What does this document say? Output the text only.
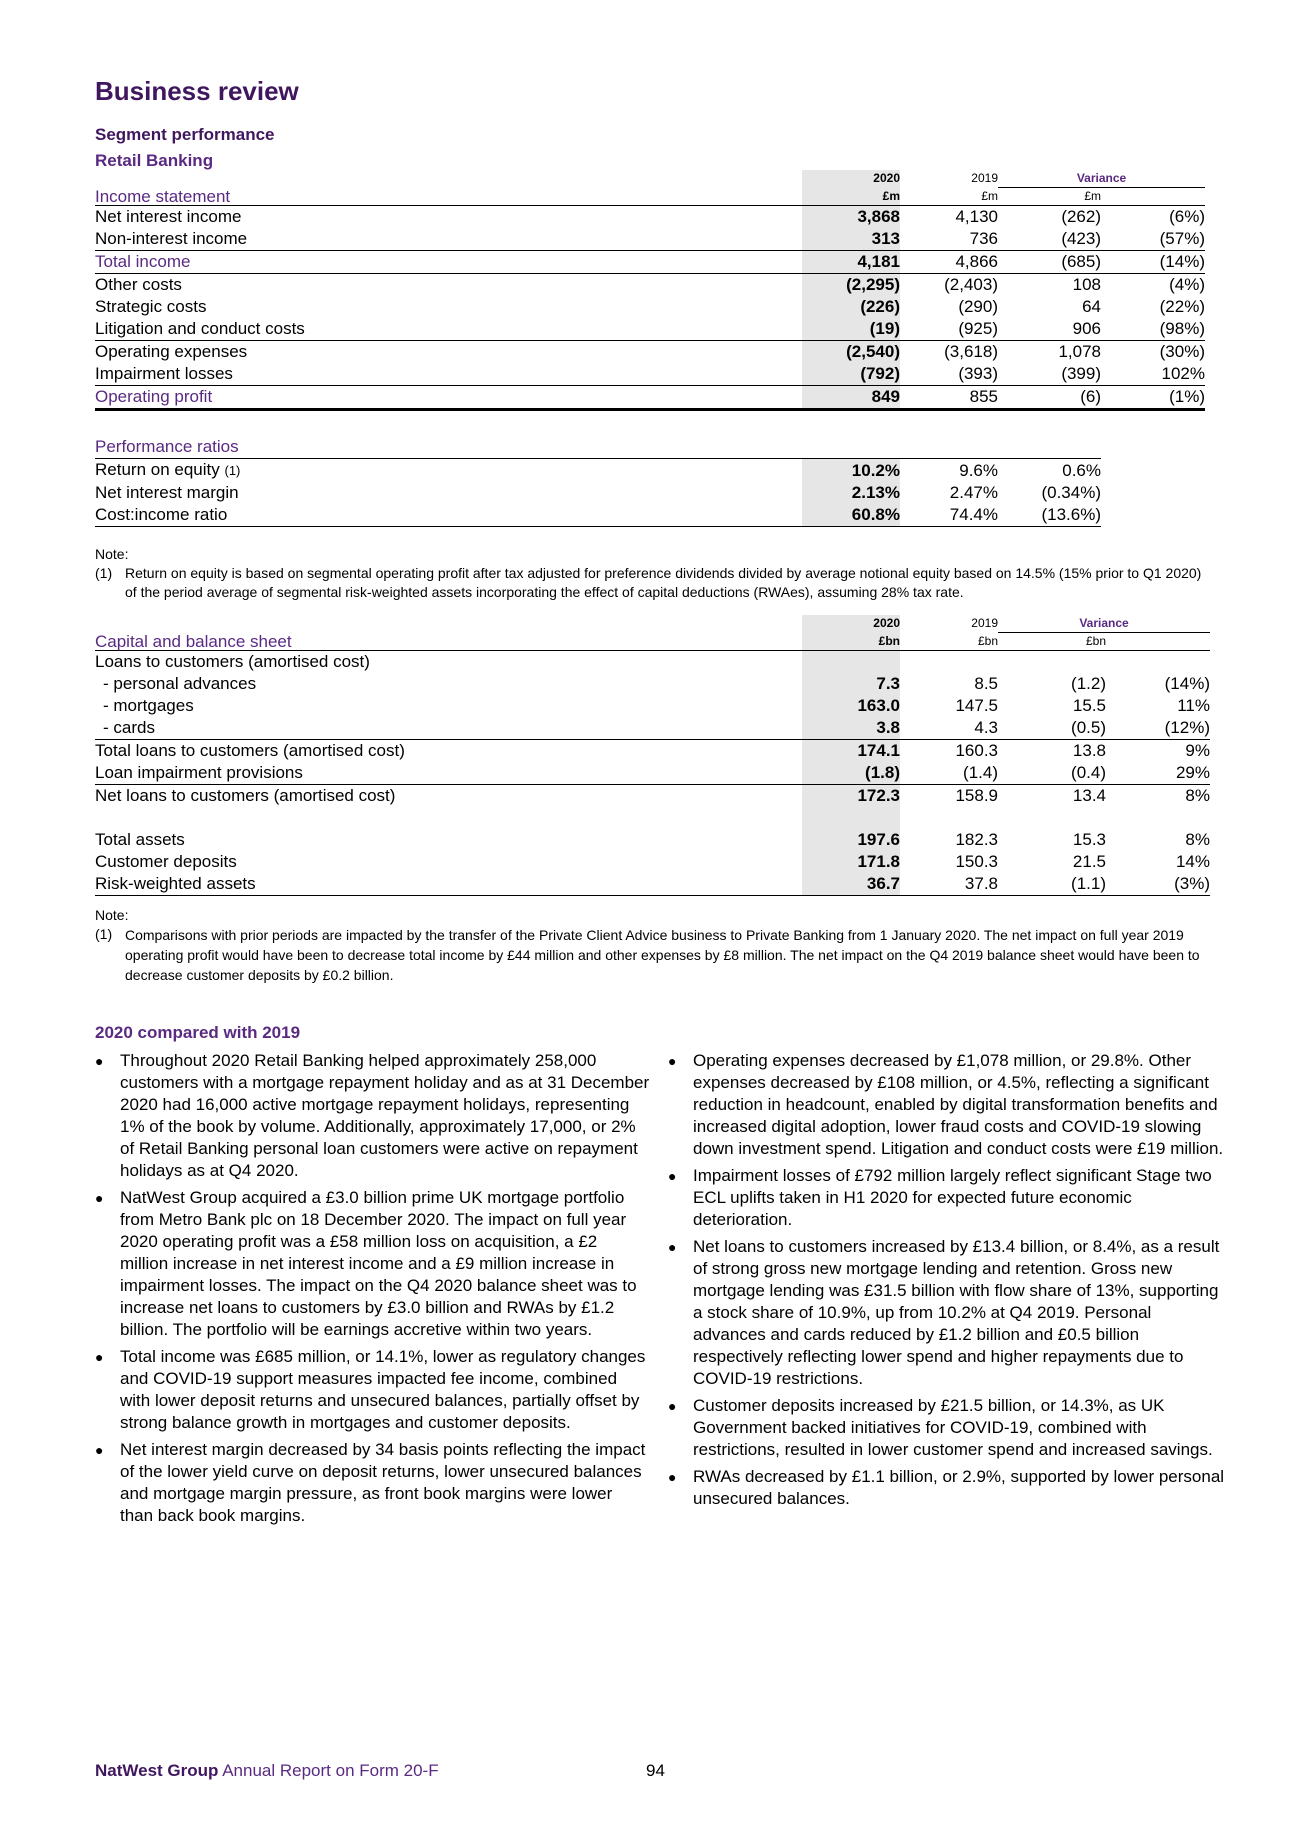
Business review
Segment performance
Retail Banking
	2020	2019	Variance	
Income statement	£m	£m	£m	
Net interest income	3,868	4,130	(262)	(6%)
Non-interest income	313	736	(423)	(57%)
Total income	4,181	4,866	(685)	(14%)
Other costs	(2,295)	(2,403)	108	(4%)
Strategic costs	(226)	(290)	64	(22%)
Litigation and conduct costs	(19)	(925)	906	(98%)
Operating expenses	(2,540)	(3,618)	1,078	(30%)
Impairment losses	(792)	(393)	(399)	102%
Operating profit	849	855	(6)	(1%)
Performance ratios			
Return on equity (1)	10.2%	9.6%	0.6%
Net interest margin	2.13%	2.47%	(0.34%)
Cost:income ratio	60.8%	74.4%	(13.6%)
Note:
(1) Return on equity is based on segmental operating profit after tax adjusted for preference dividends divided by average notional equity based on 14.5% (15% prior to Q1 2020) of the period average of segmental risk-weighted assets incorporating the effect of capital deductions (RWAes), assuming 28% tax rate.
	2020	2019	Variance	
Capital and balance sheet	£bn	£bn	£bn	
Loans to customers (amortised cost)				
- personal advances	7.3	8.5	(1.2)	(14%)
- mortgages	163.0	147.5	15.5	11%
- cards	3.8	4.3	(0.5)	(12%)
Total loans to customers (amortised cost)	174.1	160.3	13.8	9%
Loan impairment provisions	(1.8)	(1.4)	(0.4)	29%
Net loans to customers (amortised cost)	172.3	158.9	13.4	8%

Total assets	197.6	182.3	15.3	8%
Customer deposits	171.8	150.3	21.5	14%
Risk-weighted assets	36.7	37.8	(1.1)	(3%)
Note:
(1) Comparisons with prior periods are impacted by the transfer of the Private Client Advice business to Private Banking from 1 January 2020. The net impact on full year 2019 operating profit would have been to decrease total income by £44 million and other expenses by £8 million. The net impact on the Q4 2019 balance sheet would have been to decrease customer deposits by £0.2 billion.
2020 compared with 2019
● Throughout 2020 Retail Banking helped approximately 258,000 customers with a mortgage repayment holiday and as at 31 December 2020 had 16,000 active mortgage repayment holidays, representing 1% of the book by volume. Additionally, approximately 17,000, or 2% of Retail Banking personal loan customers were active on repayment holidays as at Q4 2020.
● NatWest Group acquired a £3.0 billion prime UK mortgage portfolio from Metro Bank plc on 18 December 2020. The impact on full year 2020 operating profit was a £58 million loss on acquisition, a £2 million increase in net interest income and a £9 million increase in impairment losses. The impact on the Q4 2020 balance sheet was to increase net loans to customers by £3.0 billion and RWAs by £1.2 billion. The portfolio will be earnings accretive within two years.
● Total income was £685 million, or 14.1%, lower as regulatory changes and COVID-19 support measures impacted fee income, combined with lower deposit returns and unsecured balances, partially offset by strong balance growth in mortgages and customer deposits.
● Net interest margin decreased by 34 basis points reflecting the impact of the lower yield curve on deposit returns, lower unsecured balances and mortgage margin pressure, as front book margins were lower than back book margins.
● Operating expenses decreased by £1,078 million, or 29.8%. Other expenses decreased by £108 million, or 4.5%, reflecting a significant reduction in headcount, enabled by digital transformation benefits and increased digital adoption, lower fraud costs and COVID-19 slowing down investment spend. Litigation and conduct costs were £19 million.
● Impairment losses of £792 million largely reflect significant Stage two ECL uplifts taken in H1 2020 for expected future economic deterioration.
● Net loans to customers increased by £13.4 billion, or 8.4%, as a result of strong gross new mortgage lending and retention. Gross new mortgage lending was £31.5 billion with flow share of 13%, supporting a stock share of 10.9%, up from 10.2% at Q4 2019. Personal advances and cards reduced by £1.2 billion and £0.5 billion respectively reflecting lower spend and higher repayments due to COVID-19 restrictions.
● Customer deposits increased by £21.5 billion, or 14.3%, as UK Government backed initiatives for COVID-19, combined with restrictions, resulted in lower customer spend and increased savings.
● RWAs decreased by £1.1 billion, or 2.9%, supported by lower personal unsecured balances.
NatWest Group Annual Report on Form 20-F	94
